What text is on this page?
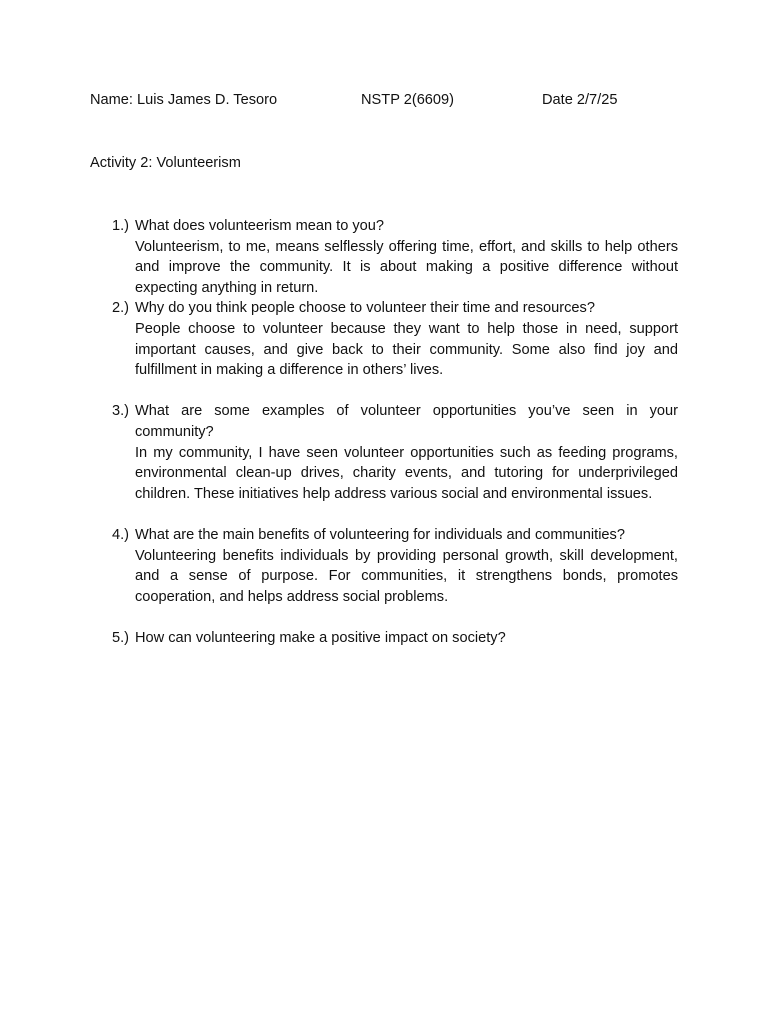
Name: Luis James D. Tesoro	NSTP 2(6609)	Date 2/7/25
Activity 2: Volunteerism
1.) What does volunteerism mean to you?
Volunteerism, to me, means selflessly offering time, effort, and skills to help others and improve the community. It is about making a positive difference without expecting anything in return.
2.) Why do you think people choose to volunteer their time and resources?
People choose to volunteer because they want to help those in need, support important causes, and give back to their community. Some also find joy and fulfillment in making a difference in others’ lives.
3.) What are some examples of volunteer opportunities you’ve seen in your community?
In my community, I have seen volunteer opportunities such as feeding programs, environmental clean-up drives, charity events, and tutoring for underprivileged children. These initiatives help address various social and environmental issues.
4.) What are the main benefits of volunteering for individuals and communities?
Volunteering benefits individuals by providing personal growth, skill development, and a sense of purpose. For communities, it strengthens bonds, promotes cooperation, and helps address social problems.
5.) How can volunteering make a positive impact on society?
